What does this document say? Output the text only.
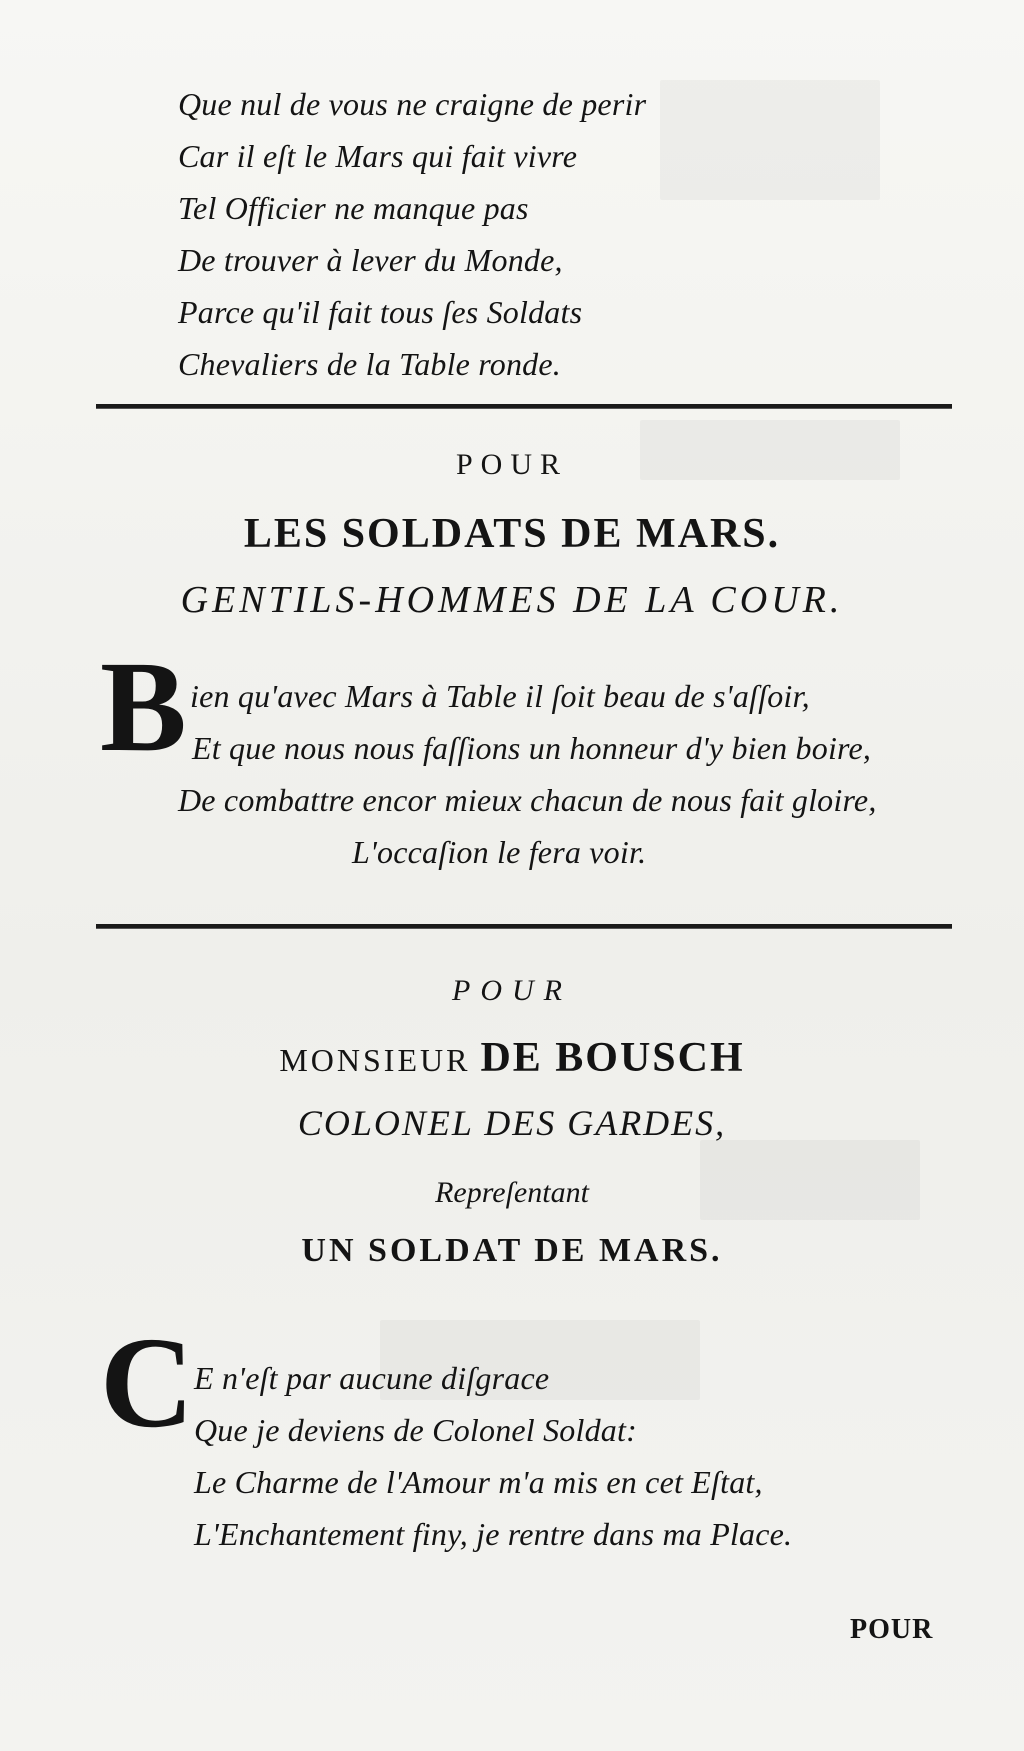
Que nul de vous ne craigne de perir
Car il eſt le Mars qui fait vivre
Tel Officier ne manque pas
De trouver à lever du Monde,
Parce qu'il fait tous ſes Soldats
Chevaliers de la Table ronde.
POUR
LES SOLDATS DE MARS.
GENTILS-HOMMES DE LA COUR.
B ien qu'avec Mars à Table il ſoit beau de s'aſſoir,
Et que nous nous faſſions un honneur d'y bien boire,
De combattre encor mieux chacun de nous fait gloire,
L'occaſion le fera voir.
POUR
MONSIEUR DE BOUSCH
COLONEL DES GARDES,
Repreſentant
UN SOLDAT DE MARS.
C E n'eſt par aucune diſgrace
Que je deviens de Colonel Soldat:
Le Charme de l'Amour m'a mis en cet Eſtat,
L'Enchantement finy, je rentre dans ma Place.
POUR
